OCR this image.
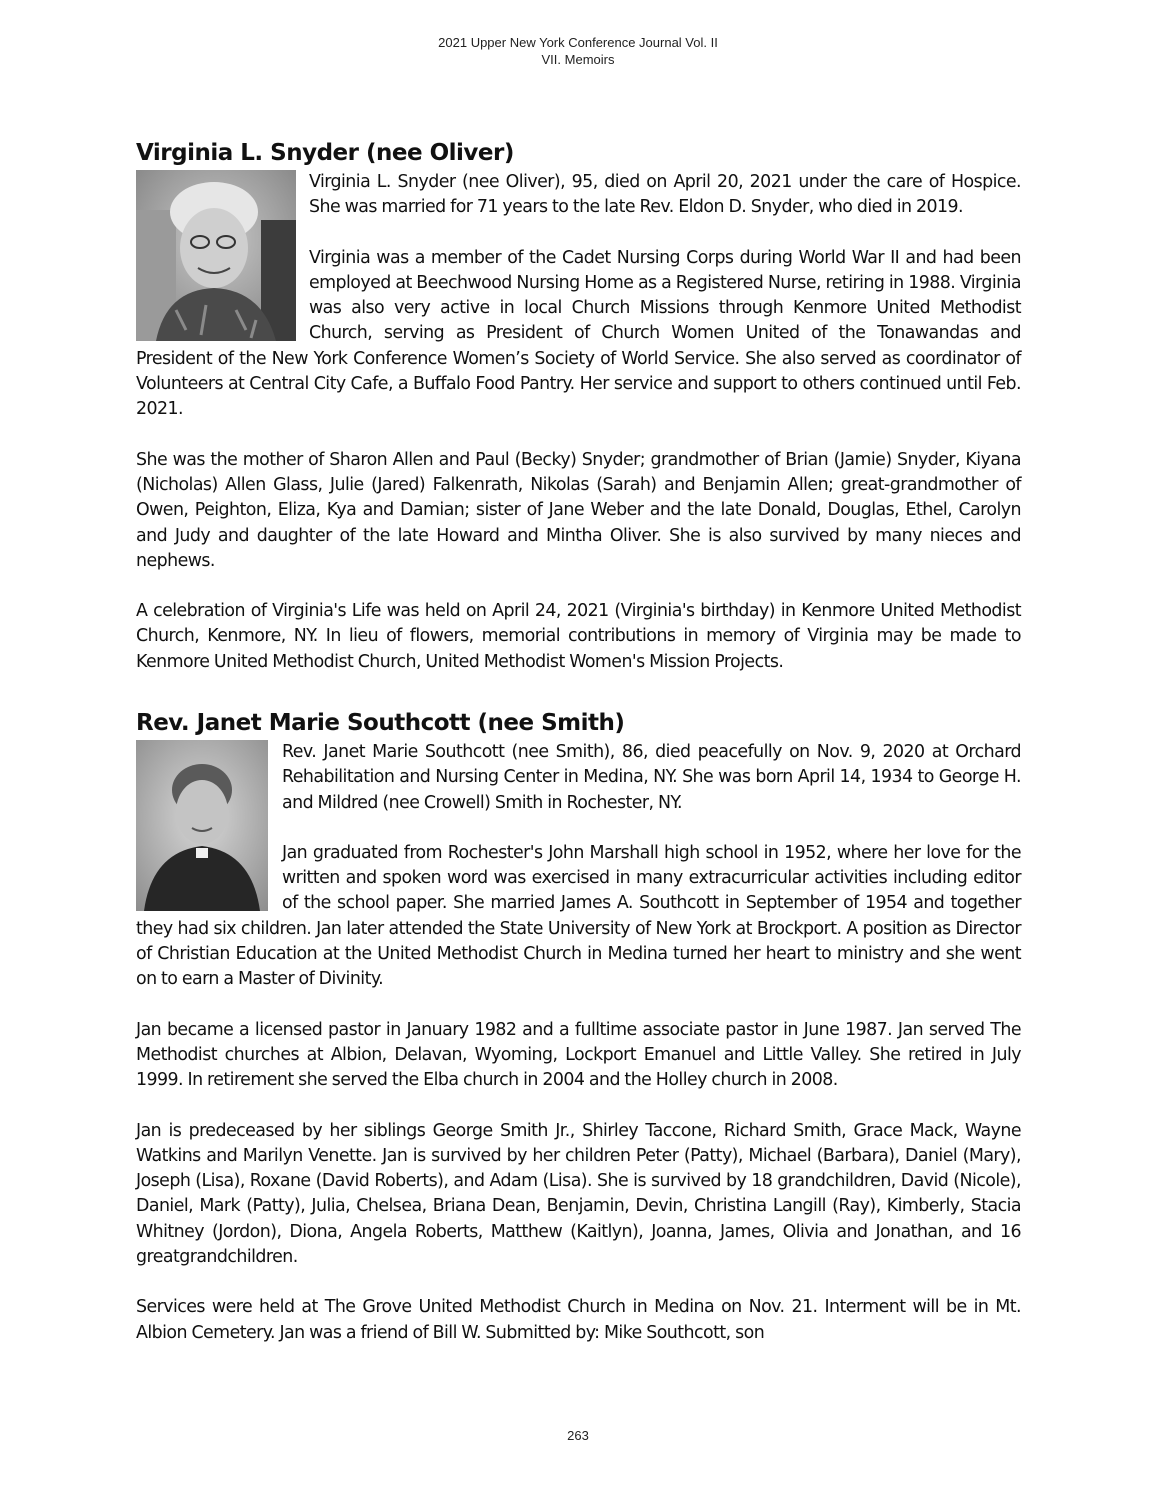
2021 Upper New York Conference Journal Vol. II
VII. Memoirs
Virginia L. Snyder (nee Oliver)

Virginia L. Snyder (nee Oliver), 95, died on April 20, 2021 under the care of Hospice. She was married for 71 years to the late Rev. Eldon D. Snyder, who died in 2019.

Virginia was a member of the Cadet Nursing Corps during World War II and had been employed at Beechwood Nursing Home as a Registered Nurse, retiring in 1988. Virginia was also very active in local Church Missions through Kenmore United Methodist Church, serving as President of Church Women United of the Tonawandas and President of the New York Conference Women’s Society of World Service. She also served as coordinator of Volunteers at Central City Cafe, a Buffalo Food Pantry. Her service and support to others continued until Feb. 2021.

She was the mother of Sharon Allen and Paul (Becky) Snyder; grandmother of Brian (Jamie) Snyder, Kiyana (Nicholas) Allen Glass, Julie (Jared) Falkenrath, Nikolas (Sarah) and Benjamin Allen; great-grandmother of Owen, Peighton, Eliza, Kya and Damian; sister of Jane Weber and the late Donald, Douglas, Ethel, Carolyn and Judy and daughter of the late Howard and Mintha Oliver. She is also survived by many nieces and nephews.

A celebration of Virginia's Life was held on April 24, 2021 (Virginia's birthday) in Kenmore United Methodist Church, Kenmore, NY. In lieu of flowers, memorial contributions in memory of Virginia may be made to Kenmore United Methodist Church, United Methodist Women's Mission Projects.

Rev. Janet Marie Southcott (nee Smith)

Rev. Janet Marie Southcott (nee Smith), 86, died peacefully on Nov. 9, 2020 at Orchard Rehabilitation and Nursing Center in Medina, NY. She was born April 14, 1934 to George H. and Mildred (nee Crowell) Smith in Rochester, NY.

Jan graduated from Rochester's John Marshall high school in 1952, where her love for the written and spoken word was exercised in many extracurricular activities including editor of the school paper. She married James A. Southcott in September of 1954 and together they had six children. Jan later attended the State University of New York at Brockport. A position as Director of Christian Education at the United Methodist Church in Medina turned her heart to ministry and she went on to earn a Master of Divinity.

Jan became a licensed pastor in January 1982 and a fulltime associate pastor in June 1987. Jan served The Methodist churches at Albion, Delavan, Wyoming, Lockport Emanuel and Little Valley. She retired in July 1999. In retirement she served the Elba church in 2004 and the Holley church in 2008.

Jan is predeceased by her siblings George Smith Jr., Shirley Taccone, Richard Smith, Grace Mack, Wayne Watkins and Marilyn Venette. Jan is survived by her children Peter (Patty), Michael (Barbara), Daniel (Mary), Joseph (Lisa), Roxane (David Roberts), and Adam (Lisa). She is survived by 18 grandchildren, David (Nicole), Daniel, Mark (Patty), Julia, Chelsea, Briana Dean, Benjamin, Devin, Christina Langill (Ray), Kimberly, Stacia Whitney (Jordon), Diona, Angela Roberts, Matthew (Kaitlyn), Joanna, James, Olivia and Jonathan, and 16 greatgrandchildren.

Services were held at The Grove United Methodist Church in Medina on Nov. 21. Interment will be in Mt. Albion Cemetery. Jan was a friend of Bill W. Submitted by: Mike Southcott, son

263
